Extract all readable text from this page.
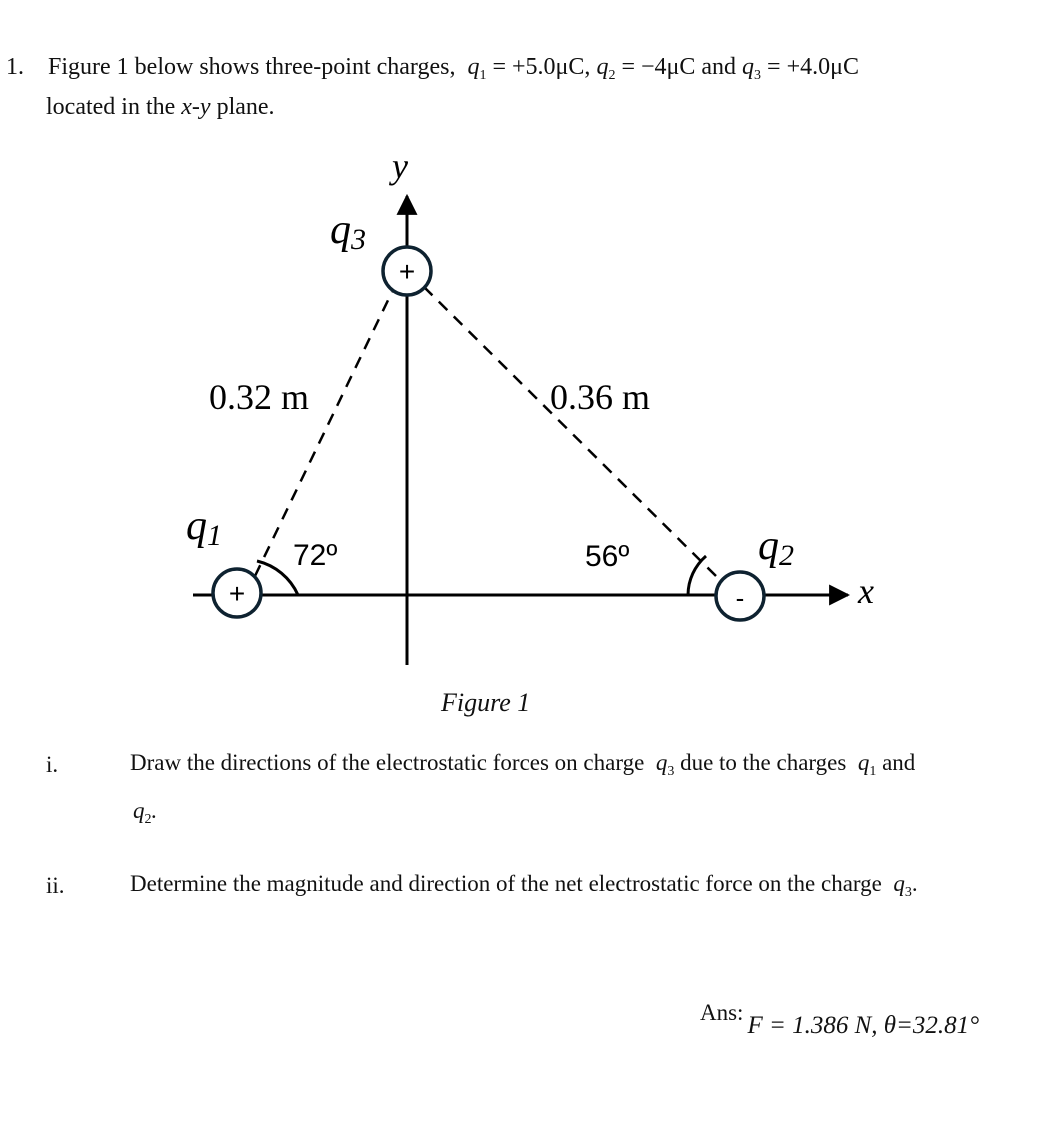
1. Figure 1 below shows three-point charges,  $q_1 = +5.0\mu C$, $q_2 = -4\mu C$ and $q_3 = +4.0\mu C$
located in the x-y plane.
x
y
+	-
+
q1	q2
q3
0.32 m	0.36 m
72º	56º
Figure 1
i.	Draw the directions of the electrostatic forces on charge  $q_3$ due to the charges  $q_1$ and
$q_2$.
ii.	Determine the magnitude and direction of the net electrostatic force on the charge  $q_3$.
Ans: F = 1.386 N, θ=32.81°
